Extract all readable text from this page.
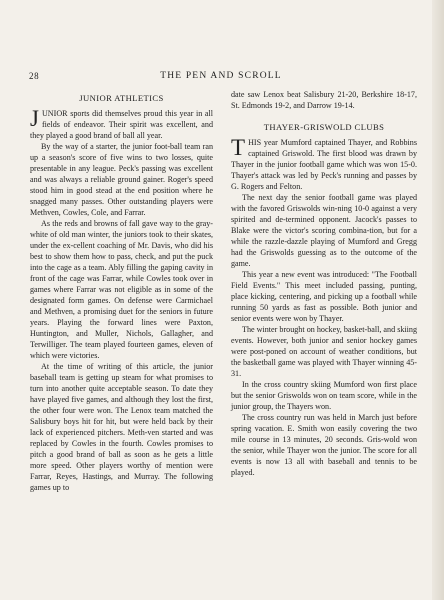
28	THE PEN AND SCROLL
JUNIOR ATHLETICS

JUNIOR sports did themselves proud this year in all fields of endeavor. Their spirit was excellent, and they played a good brand of ball all year.

By the way of a starter, the junior foot-ball team ran up a season's score of five wins to two losses, quite presentable in any league. Peck's passing was excellent and was always a reliable ground gainer. Roger's speed stood him in good stead at the end position where he snagged many passes. Other outstanding players were Methven, Cowles, Cole, and Farrar.

As the reds and browns of fall gave way to the gray-white of old man winter, the juniors took to their skates, under the ex-cellent coaching of Mr. Davis, who did his best to show them how to pass, check, and put the puck into the cage as a team. Ably filling the gaping cavity in front of the cage was Farrar, while Cowles took over in games where Farrar was not eligible as in some of the designated form games. On defense were Carmichael and Methven, a promising duet for the seniors in future years. Playing the forward lines were Paxton, Huntington, and Muller, Nichols, Gallagher, and Terwilliger. The team played fourteen games, eleven of which were victories.

At the time of writing of this article, the junior baseball team is getting up steam for what promises to turn into another quite acceptable season. To date they have played five games, and although they lost the first, the other four were won. The Lenox team matched the Salisbury boys hit for hit, but were held back by their lack of experienced pitchers. Meth-ven started and was replaced by Cowles in the fourth. Cowles promises to pitch a good brand of ball as soon as he gets a little more speed. Other players worthy of mention were Farrar, Reyes, Hastings, and Murray. The following games up to

date saw Lenox beat Salisbury 21-20, Berkshire 18-17, St. Edmonds 19-2, and Darrow 19-14.

THAYER-GRISWOLD CLUBS

THIS year Mumford captained Thayer, and Robbins captained Griswold. The first blood was drawn by Thayer in the junior football game which was won 15-0. Thayer's attack was led by Peck's running and passes by G. Rogers and Felton.

The next day the senior football game was played with the favored Griswolds win-ning 10-0 against a very spirited and de-termined opponent. Jacock's passes to Blake were the victor's scoring combina-tion, but for a while the razzle-dazzle playing of Mumford and Gregg had the Griswolds guessing as to the outcome of the game.

This year a new event was introduced: "The Football Field Events." This meet included passing, punting, place kicking, centering, and picking up a football while running 50 yards as fast as possible. Both junior and senior events were won by Thayer.

The winter brought on hockey, basket-ball, and skiing events. However, both junior and senior hockey games were post-poned on account of weather conditions, but the basketball game was played with Thayer winning 45-31.

In the cross country skiing Mumford won first place but the senior Griswolds won on team score, while in the junior group, the Thayers won.

The cross country run was held in March just before spring vacation. E. Smith won easily covering the two mile course in 13 minutes, 20 seconds. Gris-wold won the senior, while Thayer won the junior. The score for all events is now 13 all with baseball and tennis to be played.
